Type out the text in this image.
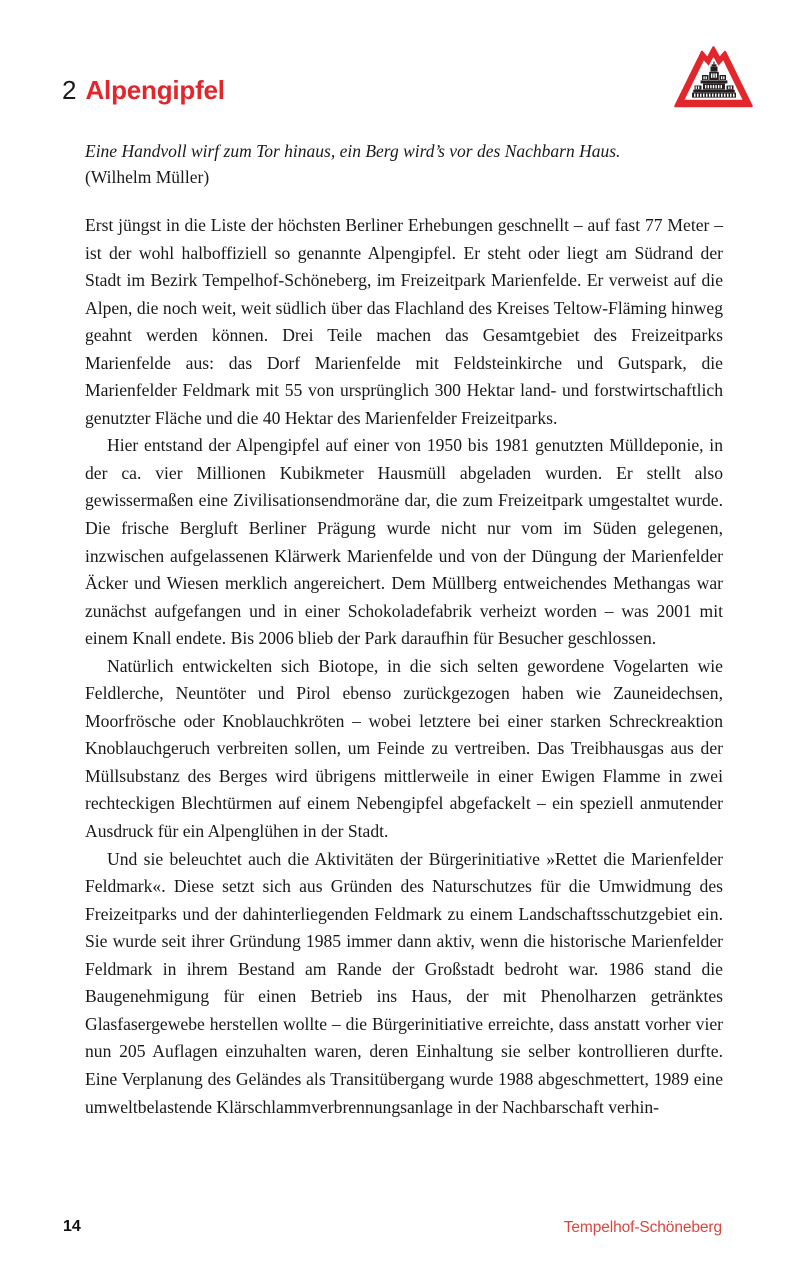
2 Alpengipfel
Eine Handvoll wirf zum Tor hinaus, ein Berg wird’s vor des Nachbarn Haus.
(Wilhelm Müller)

Erst jüngst in die Liste der höchsten Berliner Erhebungen geschnellt – auf fast 77 Meter – ist der wohl halboffiziell so genannte Alpengipfel. Er steht oder liegt am Südrand der Stadt im Bezirk Tempelhof-Schöneberg, im Freizeitpark Marienfelde. Er verweist auf die Alpen, die noch weit, weit südlich über das Flachland des Kreises Teltow-Fläming hinweg geahnt werden können. Drei Teile machen das Gesamtgebiet des Freizeitparks Marienfelde aus: das Dorf Marienfelde mit Feldsteinkirche und Gutspark, die Marienfelder Feldmark mit 55 von ursprünglich 300 Hektar land- und forstwirtschaftlich genutzter Fläche und die 40 Hektar des Marienfelder Freizeitparks.

Hier entstand der Alpengipfel auf einer von 1950 bis 1981 genutzten Mülldeponie, in der ca. vier Millionen Kubikmeter Hausmüll abgeladen wurden. Er stellt also gewissermaßen eine Zivilisationsendmoräne dar, die zum Freizeitpark umgestaltet wurde. Die frische Bergluft Berliner Prägung wurde nicht nur vom im Süden gelegenen, inzwischen aufgelassenen Klärwerk Marienfelde und von der Düngung der Marienfelder Äcker und Wiesen merklich angereichert. Dem Müllberg entweichendes Methangas war zunächst aufgefangen und in einer Schokoladefabrik verheizt worden – was 2001 mit einem Knall endete. Bis 2006 blieb der Park daraufhin für Besucher geschlossen.

Natürlich entwickelten sich Biotope, in die sich selten gewordene Vogelarten wie Feldlerche, Neuntöter und Pirol ebenso zurückgezogen haben wie Zauneidechsen, Moorfrösche oder Knoblauchkröten – wobei letztere bei einer starken Schreckreaktion Knoblauchgeruch verbreiten sollen, um Feinde zu vertreiben. Das Treibhausgas aus der Müllsubstanz des Berges wird übrigens mittlerweile in einer Ewigen Flamme in zwei rechteckigen Blechtürmen auf einem Nebengipfel abgefackelt – ein speziell anmutender Ausdruck für ein Alpenglühen in der Stadt.

Und sie beleuchtet auch die Aktivitäten der Bürgerinitiative »Rettet die Marienfelder Feldmark«. Diese setzt sich aus Gründen des Naturschutzes für die Umwidmung des Freizeitparks und der dahinterliegenden Feldmark zu einem Landschaftsschutzgebiet ein. Sie wurde seit ihrer Gründung 1985 immer dann aktiv, wenn die historische Marienfelder Feldmark in ihrem Bestand am Rande der Großstadt bedroht war. 1986 stand die Baugenehmigung für einen Betrieb ins Haus, der mit Phenolharzen getränktes Glasfasergewebe herstellen wollte – die Bürgerinitiative erreichte, dass anstatt vorher vier nun 205 Auflagen einzuhalten waren, deren Einhaltung sie selber kontrollieren durfte. Eine Verplanung des Geländes als Transitübergang wurde 1988 abgeschmettert, 1989 eine umweltbelastende Klärschlammverbrennungsanlage in der Nachbarschaft verhin-

14	Tempelhof-Schöneberg
